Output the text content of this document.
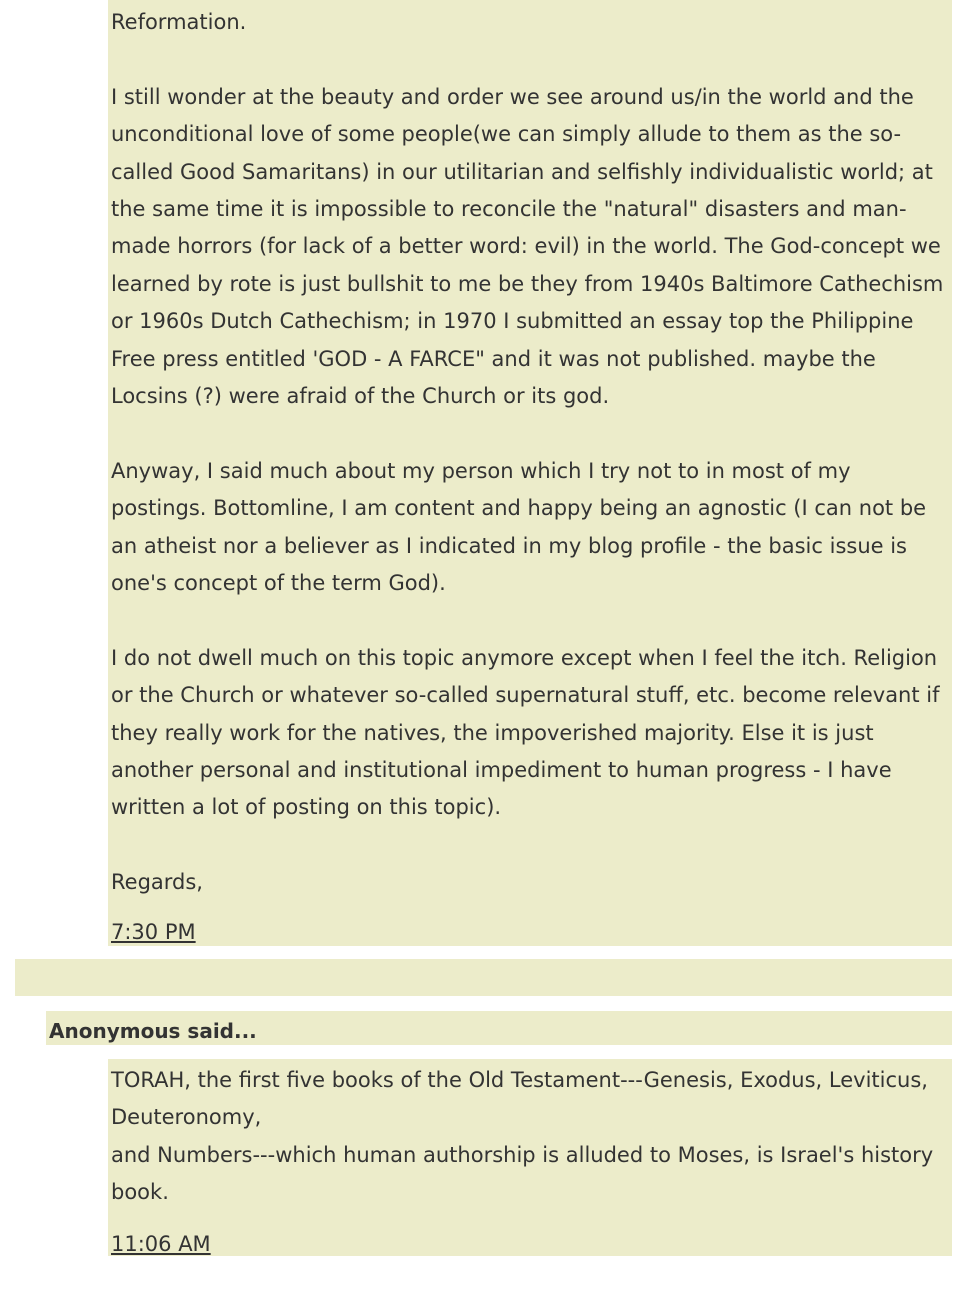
Reformation.

I still wonder at the beauty and order we see around us/in the world and the unconditional love of some people(we can simply allude to them as the so-called Good Samaritans) in our utilitarian and selfishly individualistic world; at the same time it is impossible to reconcile the "natural" disasters and man-made horrors (for lack of a better word: evil) in the world. The God-concept we learned by rote is just bullshit to me be they from 1940s Baltimore Cathechism or 1960s Dutch Cathechism; in 1970 I submitted an essay top the Philippine Free press entitled 'GOD - A FARCE" and it was not published. maybe the Locsins (?) were afraid of the Church or its god.

Anyway, I said much about my person which I try not to in most of my postings. Bottomline, I am content and happy being an agnostic (I can not be an atheist nor a believer as I indicated in my blog profile - the basic issue is one's concept of the term God).

I do not dwell much on this topic anymore except when I feel the itch. Religion or the Church or whatever so-called supernatural stuff, etc. become relevant if they really work for the natives, the impoverished majority. Else it is just another personal and institutional impediment to human progress - I have written a lot of posting on this topic).

Regards,

7:30 PM
Anonymous said...

TORAH, the first five books of the Old Testament---Genesis, Exodus, Leviticus, Deuteronomy,

and Numbers---which human authorship is alluded to Moses, is Israel's history book.

11:06 AM
